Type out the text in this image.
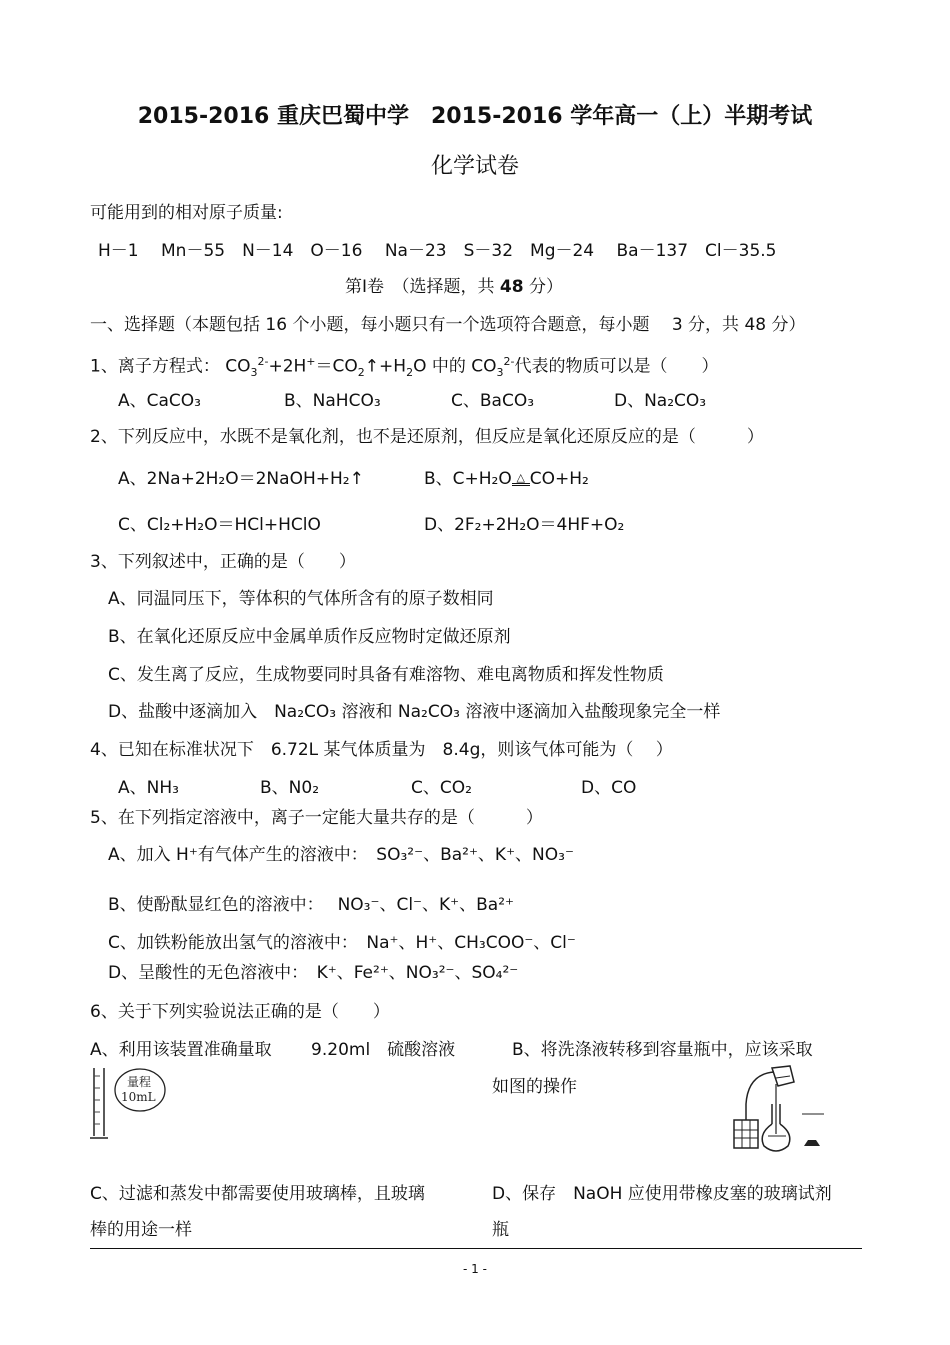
2015-2016 重庆巴蜀中学　2015-2016 学年高一（上）半期考试
化学试卷
可能用到的相对原子质量:
H－1　 Mn－55　N－14　O－16　 Na－23　S－32　Mg－24　 Ba－137　Cl－35.5
第Ⅰ卷　（选择题，共 48 分）
一、选择题（本题包括 16 个小题，每小题只有一个选项符合题意，每小题　 3 分，共 48 分）
1、离子方程式： $CO_3^{2-}+2H^+=CO_2↑+H_2O$ 中的 $CO_3^{2-}$代表的物质可以是（　　）
A、CaCO₃	B、NaHCO₃	C、BaCO₃	D、Na₂CO₃
2、下列反应中，水既不是氧化剂，也不是还原剂，但反应是氧化还原反应的是（　　　）
A、2Na+2H₂O＝2NaOH+H₂↑	B、C+H₂O △ CO+H₂
C、Cl₂+H₂O＝HCl+HClO	D、2F₂+2H₂O＝4HF+O₂
3、下列叙述中，正确的是（　　）
A、同温同压下，等体积的气体所含有的原子数相同
B、在氧化还原反应中金属单质作反应物时定做还原剂
C、发生离了反应，生成物要同时具备有难溶物、难电离物质和挥发性物质
D、盐酸中逐滴加入　Na₂CO₃ 溶液和 Na₂CO₃ 溶液中逐滴加入盐酸现象完全一样
4、已知在标准状况下　6.72L 某气体质量为　8.4g，则该气体可能为（　 ）
A、NH₃	B、N0₂	C、CO₂	D、CO
5、在下列指定溶液中，离子一定能大量共存的是（　　　）
A、加入 H⁺有气体产生的溶液中：　SO₃²⁻、Ba²⁺、K⁺、NO₃⁻
B、使酚酞显红色的溶液中：　 NO₃⁻、Cl⁻、K⁺、Ba²⁺
C、加铁粉能放出氢气的溶液中：　Na⁺、H⁺、CH₃COO⁻、Cl⁻
D、呈酸性的无色溶液中：　K⁺、Fe²⁺、NO₃²⁻、SO₄²⁻
6、关于下列实验说法正确的是（　　）
A、利用该装置准确量取　　 9.20ml　硫酸溶液	B、将洗涤液转移到容量瓶中，应该采取
如图的操作
量程
10mL
C、过滤和蒸发中都需要使用玻璃棒，且玻璃
棒的用途一样
D、保存　NaOH 应使用带橡皮塞的玻璃试剂
瓶
- 1 -
